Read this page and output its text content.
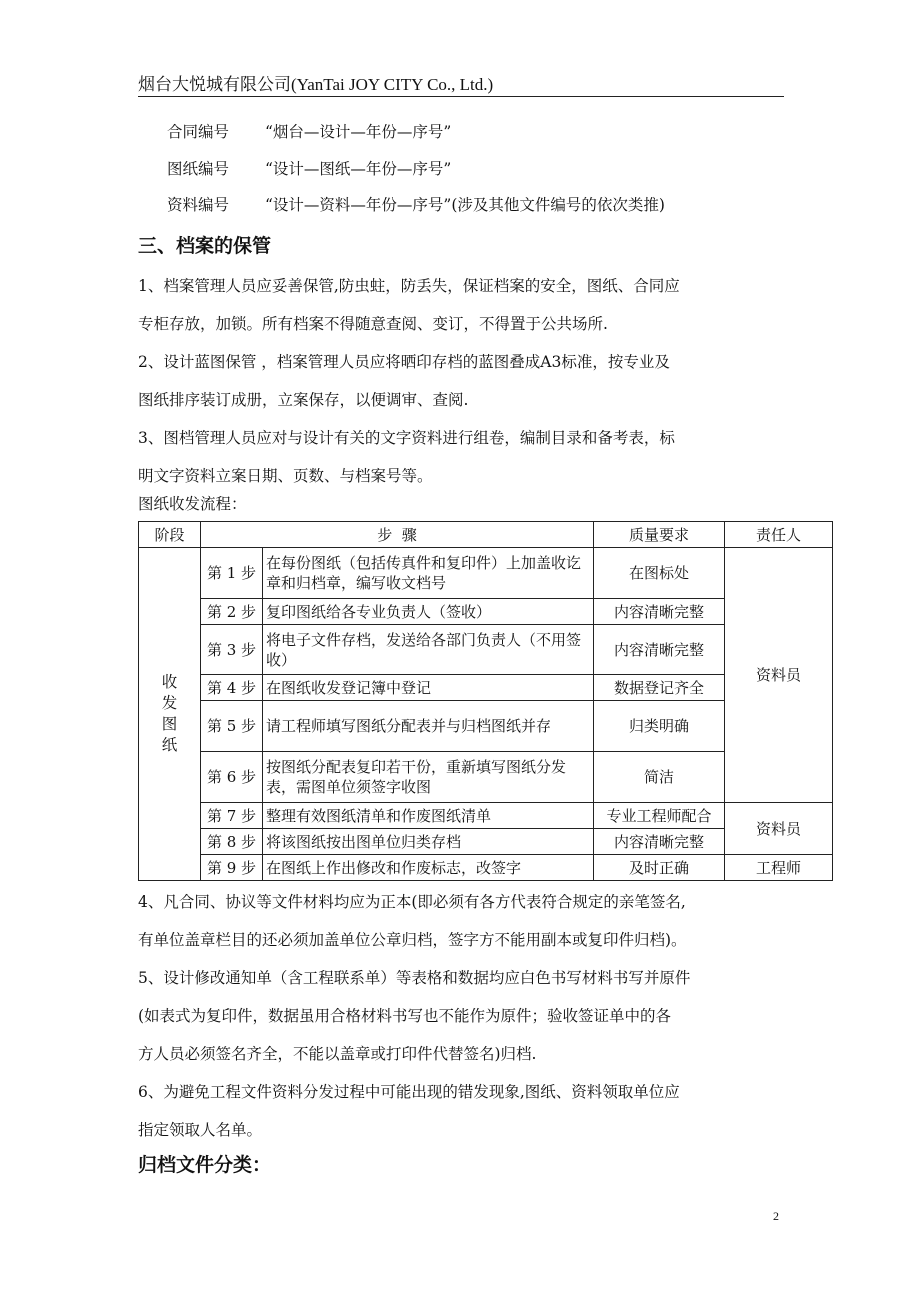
烟台大悦城有限公司(YanTai JOY CITY Co., Ltd.)
合同编号 “烟台—设计—年份—序号”
图纸编号 “设计—图纸—年份—序号”
资料编号 “设计—资料—年份—序号”(涉及其他文件编号的依次类推)
三、档案的保管

1、档案管理人员应妥善保管,防虫蛀，防丢失，保证档案的安全，图纸、合同应

专柜存放，加锁。所有档案不得随意查阅、变订，不得置于公共场所.

2、设计蓝图保管 ，档案管理人员应将晒印存档的蓝图叠成A3标准，按专业及

图纸排序装订成册，立案保存，以便调审、查阅.

3、图档管理人员应对与设计有关的文字资料进行组卷，编制目录和备考表，标

明文字资料立案日期、页数、与档案号等。

图纸收发流程：
阶段	步  骤		质量要求	责任人
收发图纸	第 1 步	在每份图纸（包括传真件和复印件）上加盖收讫章和归档章，编写收文档号	在图标处	资料员
	第 2 步	复印图纸给各专业负责人（签收）	内容清晰完整	
	第 3 步	将电子文件存档，发送给各部门负责人（不用签收）	内容清晰完整	
	第 4 步	在图纸收发登记簿中登记	数据登记齐全	
	第 5 步	请工程师填写图纸分配表并与归档图纸并存	归类明确	
	第 6 步	按图纸分配表复印若干份，重新填写图纸分发表，需图单位须签字收图	简洁	
	第 7 步	整理有效图纸清单和作废图纸清单	专业工程师配合	资料员
	第 8 步	将该图纸按出图单位归类存档	内容清晰完整	
	第 9 步	在图纸上作出修改和作废标志，改签字	及时正确	工程师

4、凡合同、协议等文件材料均应为正本(即必须有各方代表符合规定的亲笔签名,

有单位盖章栏目的还必须加盖单位公章归档，签字方不能用副本或复印件归档)。

5、设计修改通知单（含工程联系单）等表格和数据均应白色书写材料书写并原件

(如表式为复印件，数据虽用合格材料书写也不能作为原件；验收签证单中的各

方人员必须签名齐全，不能以盖章或打印件代替签名)归档.

6、为避免工程文件资料分发过程中可能出现的错发现象,图纸、资料领取单位应

指定领取人名单。

归档文件分类：
2
